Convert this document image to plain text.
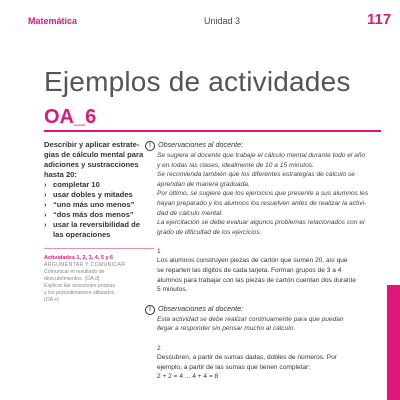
Matemática	Unidad 3	117
Ejemplos de actividades
OA_6
Describir y aplicar estrate-
gias de cálculo mental para
adiciones y sustracciones
hasta 20:
› completar 10
› usar dobles y mitades
› “uno más uno menos”
› “dos más dos menos”
› usar la reversibilidad de
las operaciones
Actividades 1, 2, 3, 4, 5 y 6
ARGUMENTAR Y COMUNICAR
Comunicar el resultado de
descubrimientos. (OA d)
Explicar las soluciones propias
y los procedimientos utilizados.
(OA e)
! Observaciones al docente:
Se sugiere al docente que trabaje el cálculo mental durante todo el año
y en todas las clases, idealmente de 10 a 15 minutos.
Se recomienda también que los diferentes estrategias de cálculo se
aprendan de manera graduada.
Por último, se sugiere que los ejercicios que presente a sus alumnos les
hayan preparado y los alumnos los resuelven antes de realizar la activi-
dad de cálculo mental.
La ejercitación se debe evaluar algunos problemas relacionados con el
grado de dificultad de los ejercicios.
1
Los alumnos construyen piezas de cartón que sumen 20, así que
se reparten las dígitos de cada tarjeta. Forman grupos de 3 a 4
alumnos para trabajar con las piezas de cartón cuentan dos durante
5 minutos.
! Observaciones al docente:
Esta actividad se debe realizar continuamente para que puedan
llegar a responder sin pensar mucho al cálculo.
2
Descubren, a partir de sumas dadas, dobles de números. Por
ejemplo, a partir de las sumas que tienen completar:
2 + 2 = 4 ... 4 + 4 = 8
